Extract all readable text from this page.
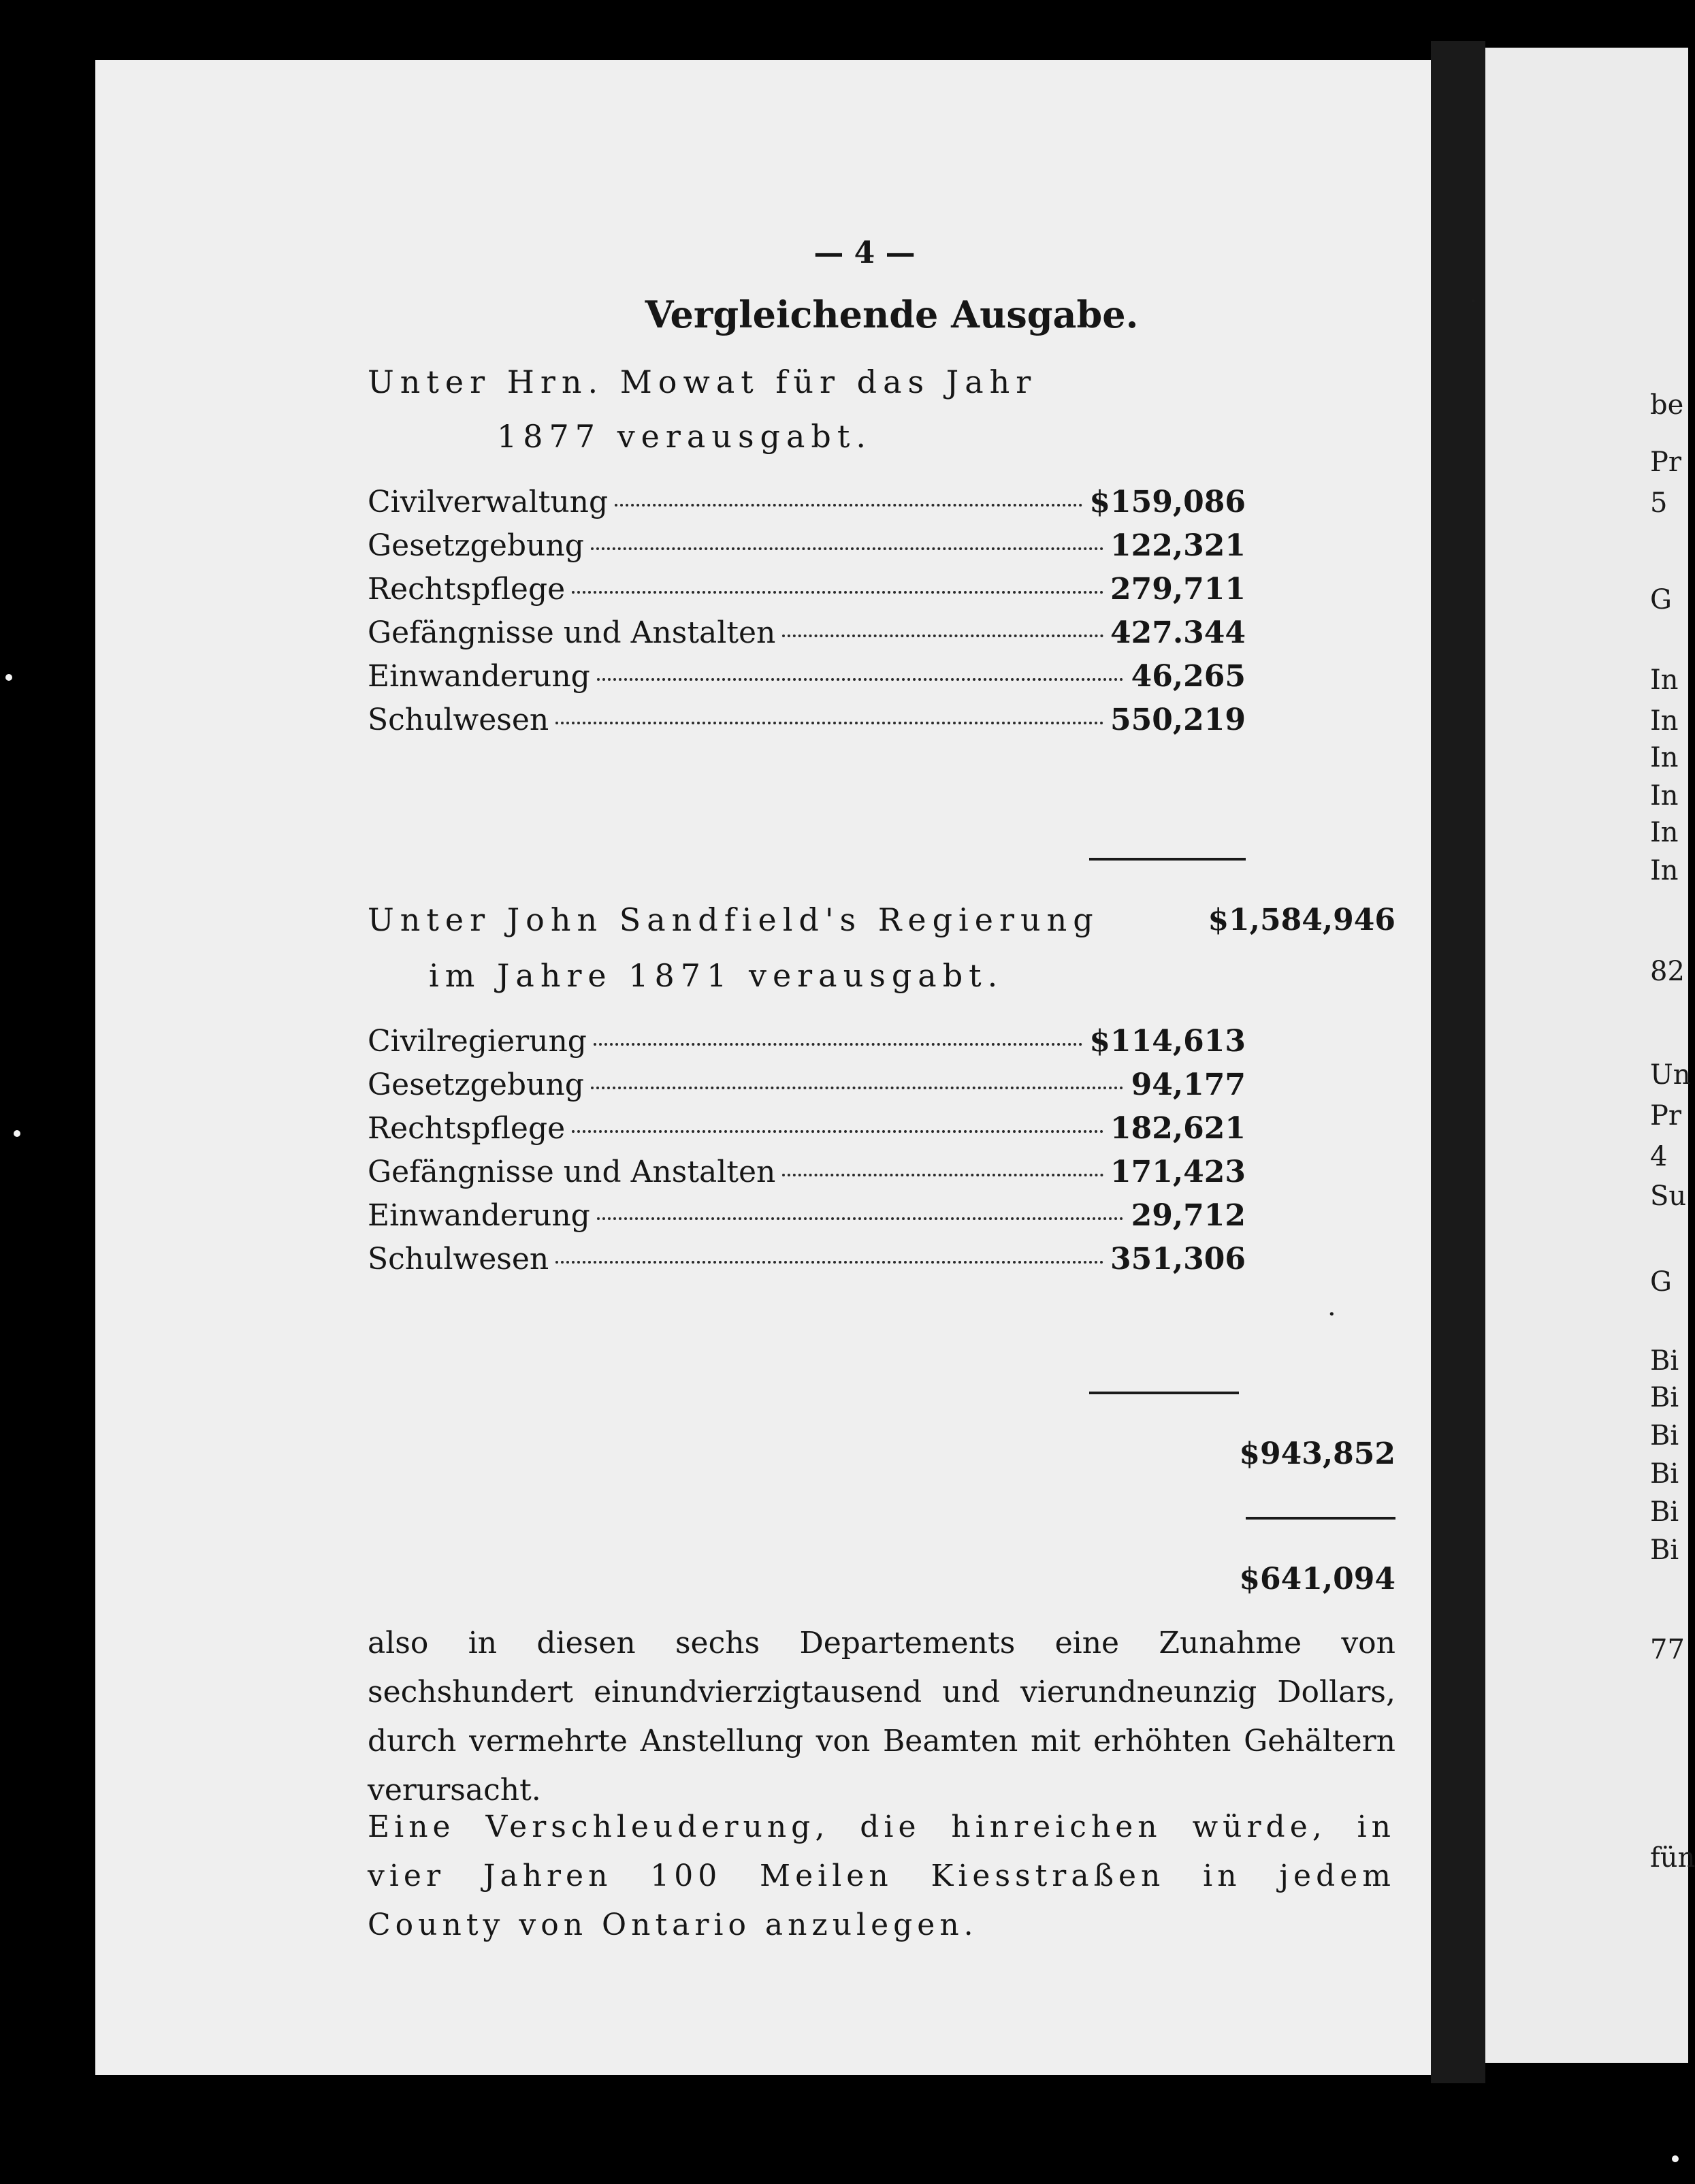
— 4 —
Vergleichende Ausgabe.
Unter Hrn. Mowat für das Jahr
1877 verausgabt.
Civilverwaltung	$159,086
Gesetzgebung	122,321
Rechtspflege	279,711
Gefängnisse und Anstalten	427.344
Einwanderung	46,265
Schulwesen	550,219
$1,584,946
Unter John Sandfield's Regierung
im Jahre 1871 verausgabt.
Civilregierung	$114,613
Gesetzgebung	94,177
Rechtspflege	182,621
Gefängnisse und Anstalten	171,423
Einwanderung	29,712
Schulwesen	351,306
$943,852
$641,094
also in diesen sechs Departements eine Zunahme von sechshundert einundvierzigtausend und vierundneunzig Dollars, durch vermehrte Anstellung von Beamten mit erhöhten Gehältern verursacht.
Eine Verschleuderung, die hinreichen würde, in vier Jahren 100 Meilen Kiesstraßen in jedem County von Ontario anzulegen.
be
Pr
5
G
In
In
In
In
In
In
82
Un
Pr
4
Su
G
Bi
Bi
Bi
Bi
Bi
Bi
77
fün
·
·
